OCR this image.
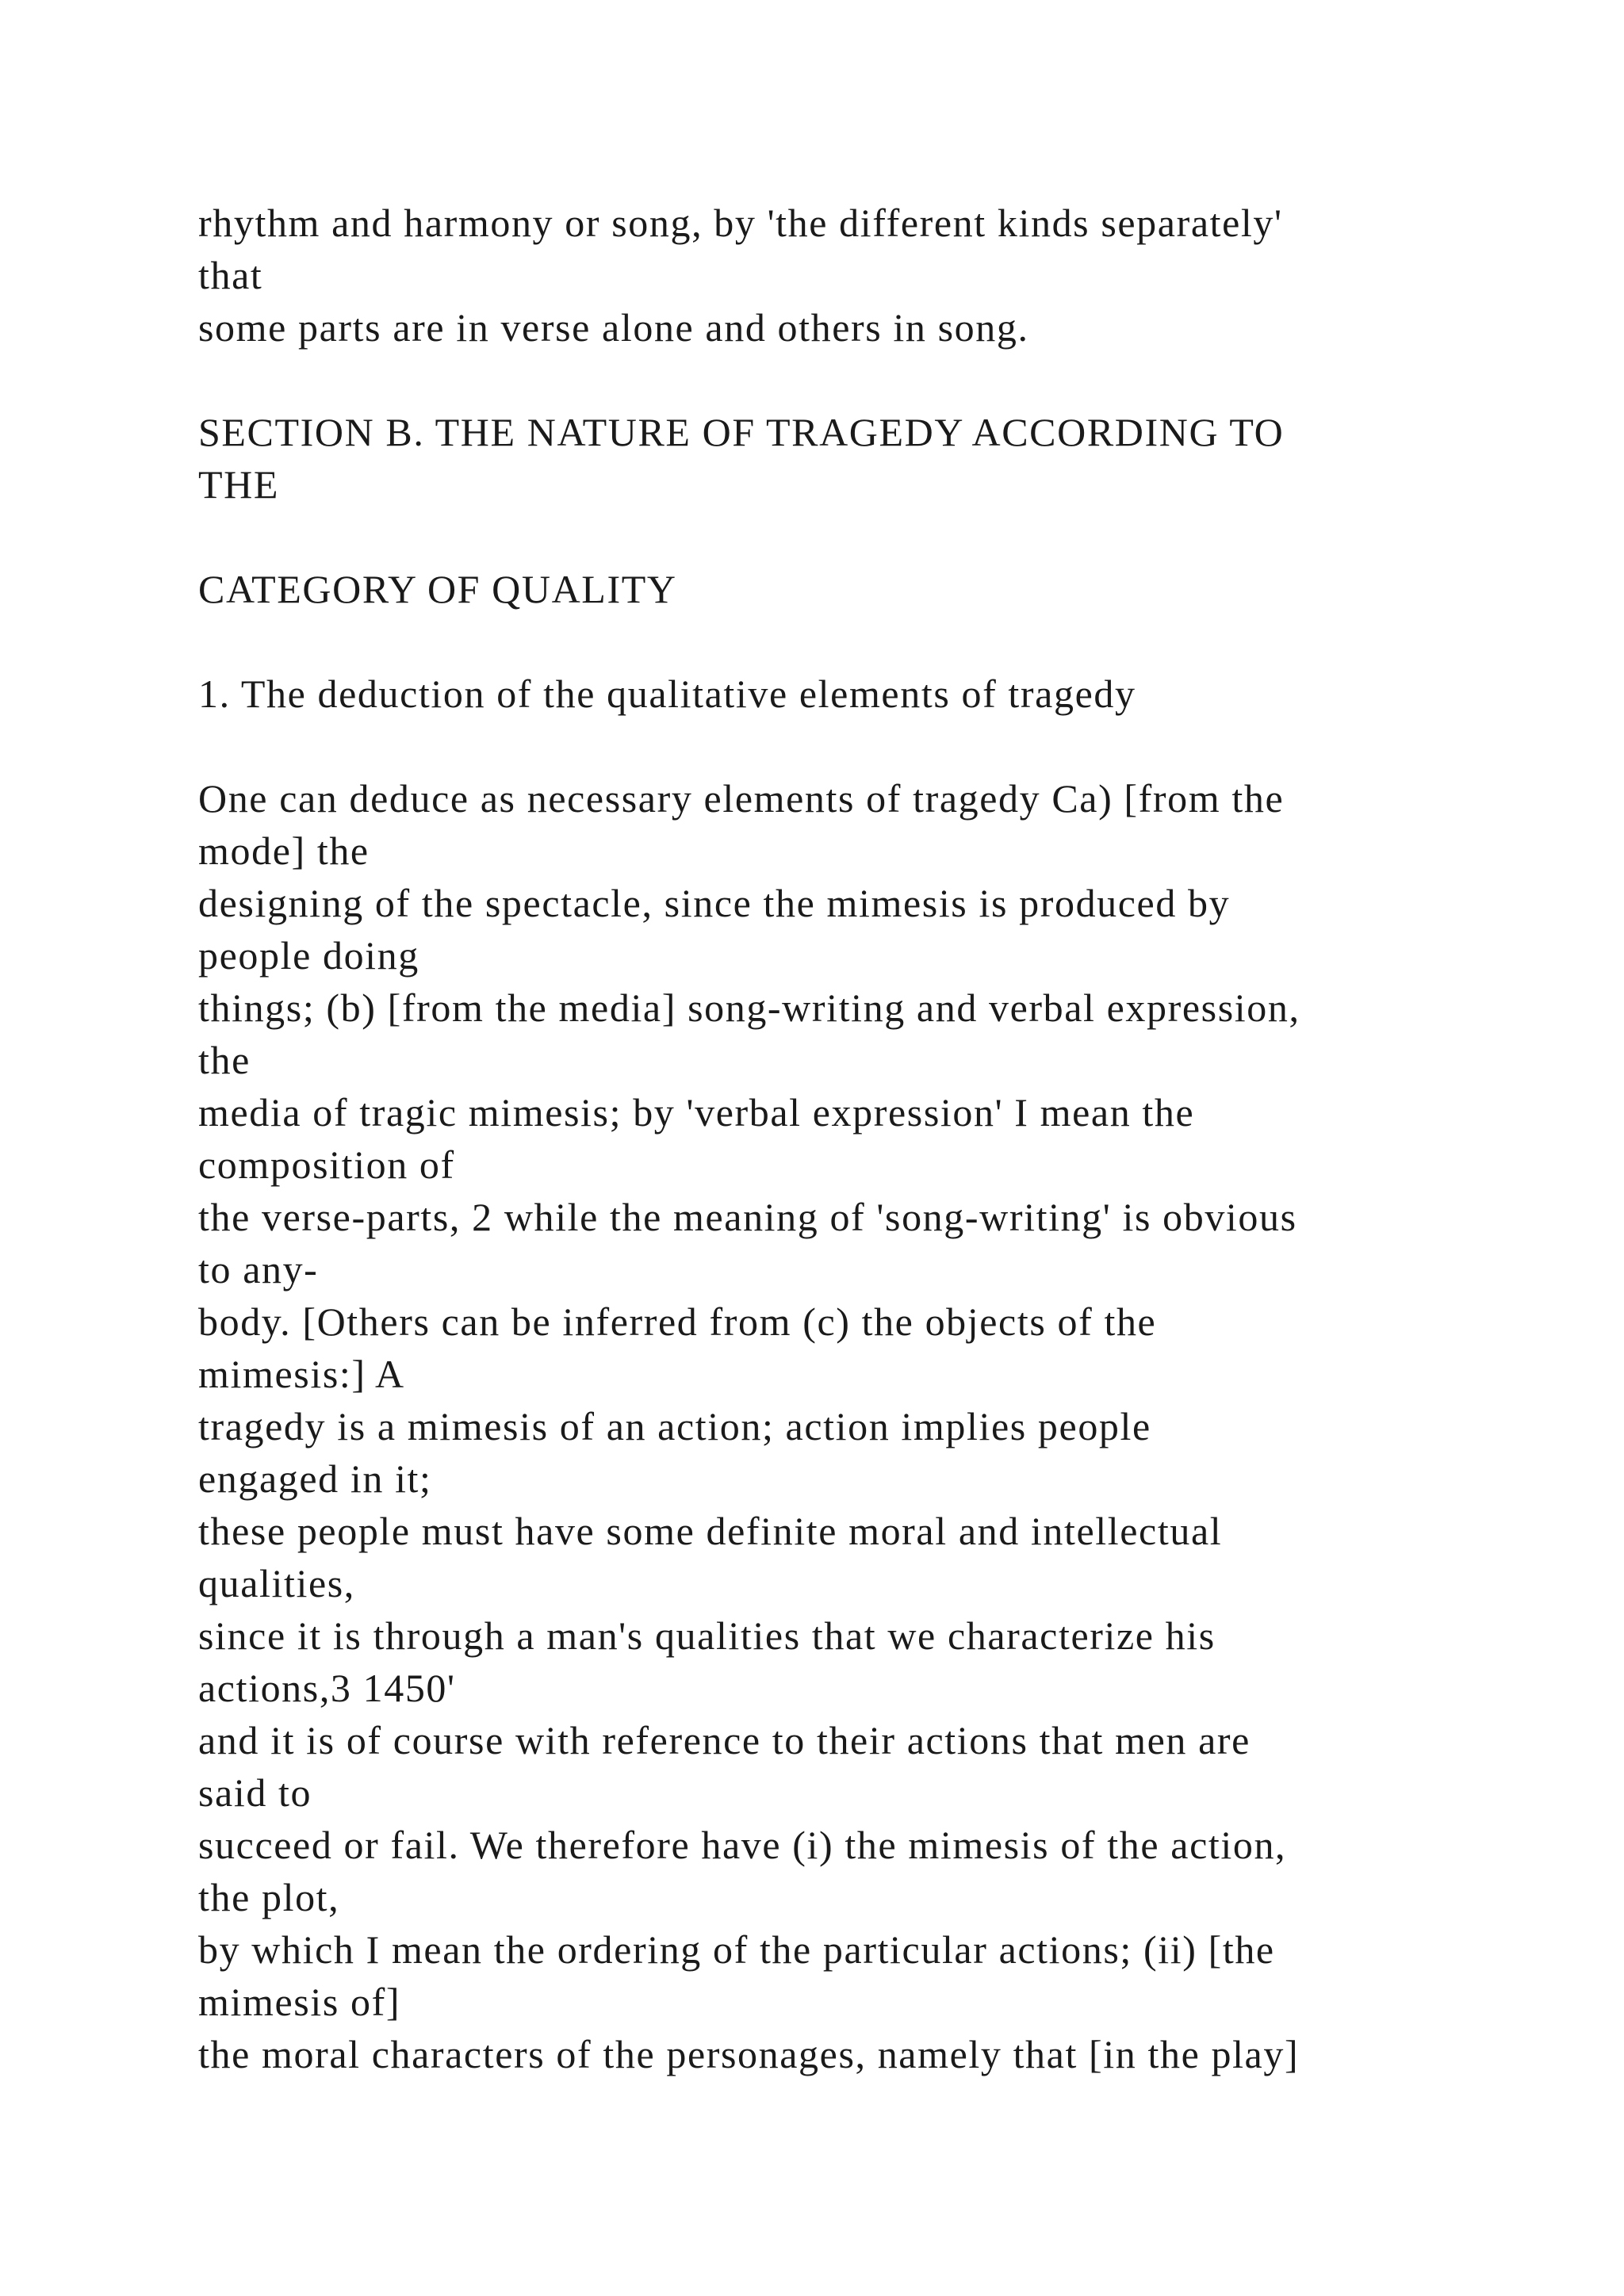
rhythm and harmony or song, by 'the different kinds separately'
that
some parts are in verse alone and others in song.
SECTION B. THE NATURE OF TRAGEDY ACCORDING TO
THE
CATEGORY OF QUALITY
1. The deduction of the qualitative elements of tragedy
One can deduce as necessary elements of tragedy Ca) [from the
mode] the
designing of the spectacle, since the mimesis is produced by
people doing
things; (b) [from the media] song-writing and verbal expression,
the
media of tragic mimesis; by 'verbal expression' I mean the
composition of
the verse-parts, 2 while the meaning of 'song-writing' is obvious
to any-
body. [Others can be inferred from (c) the objects of the
mimesis:] A
tragedy is a mimesis of an action; action implies people
engaged in it;
these people must have some definite moral and intellectual
qualities,
since it is through a man's qualities that we characterize his
actions,3 1450'
and it is of course with reference to their actions that men are
said to
succeed or fail. We therefore have (i) the mimesis of the action,
the plot,
by which I mean the ordering of the particular actions; (ii) [the
mimesis of]
the moral characters of the personages, namely that [in the play]
